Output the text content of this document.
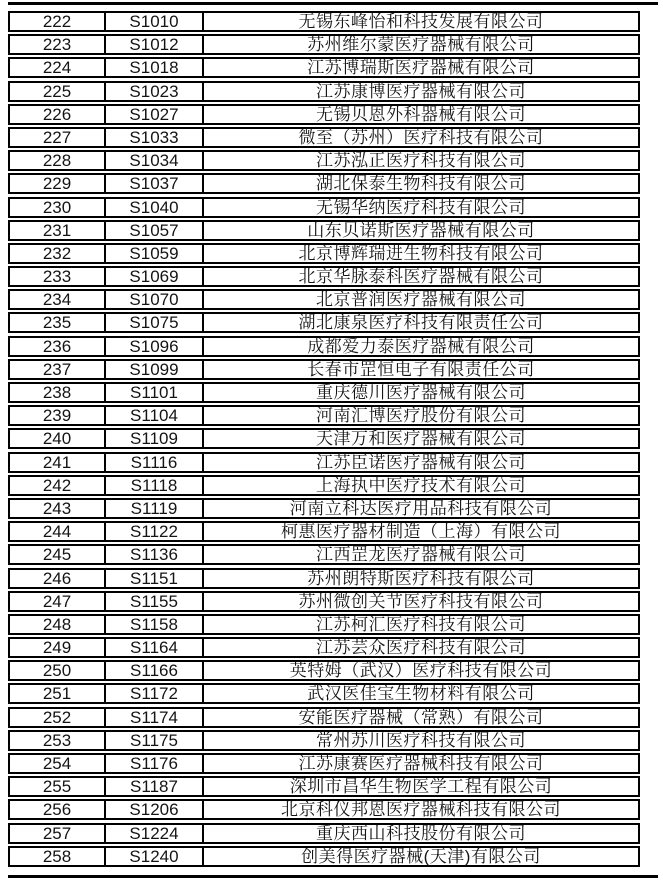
222	S1010	无锡东峰怡和科技发展有限公司
223	S1012	苏州维尔蒙医疗器械有限公司
224	S1018	江苏博瑞斯医疗器械有限公司
225	S1023	江苏康博医疗器械有限公司
226	S1027	无锡贝恩外科器械有限公司
227	S1033	微至（苏州）医疗科技有限公司
228	S1034	江苏泓正医疗科技有限公司
229	S1037	湖北保泰生物科技有限公司
230	S1040	无锡华纳医疗科技有限公司
231	S1057	山东贝诺斯医疗器械有限公司
232	S1059	北京博辉瑞进生物科技有限公司
233	S1069	北京华脉泰科医疗器械有限公司
234	S1070	北京普润医疗器械有限公司
235	S1075	湖北康泉医疗科技有限责任公司
236	S1096	成都爱力泰医疗器械有限公司
237	S1099	长春市罡恒电子有限责任公司
238	S1101	重庆德川医疗器械有限公司
239	S1104	河南汇博医疗股份有限公司
240	S1109	天津万和医疗器械有限公司
241	S1116	江苏臣诺医疗器械有限公司
242	S1118	上海执中医疗技术有限公司
243	S1119	河南立科达医疗用品科技有限公司
244	S1122	柯惠医疗器材制造（上海）有限公司
245	S1136	江西罡龙医疗器械有限公司
246	S1151	苏州朗特斯医疗科技有限公司
247	S1155	苏州微创关节医疗科技有限公司
248	S1158	江苏柯汇医疗科技有限公司
249	S1164	江苏芸众医疗科技有限公司
250	S1166	英特姆（武汉）医疗科技有限公司
251	S1172	武汉医佳宝生物材料有限公司
252	S1174	安能医疗器械（常熟）有限公司
253	S1175	常州苏川医疗科技有限公司
254	S1176	江苏康赛医疗器械科技有限公司
255	S1187	深圳市昌华生物医学工程有限公司
256	S1206	北京科仪邦恩医疗器械科技有限公司
257	S1224	重庆西山科技股份有限公司
258	S1240	创美得医疗器械(天津)有限公司
